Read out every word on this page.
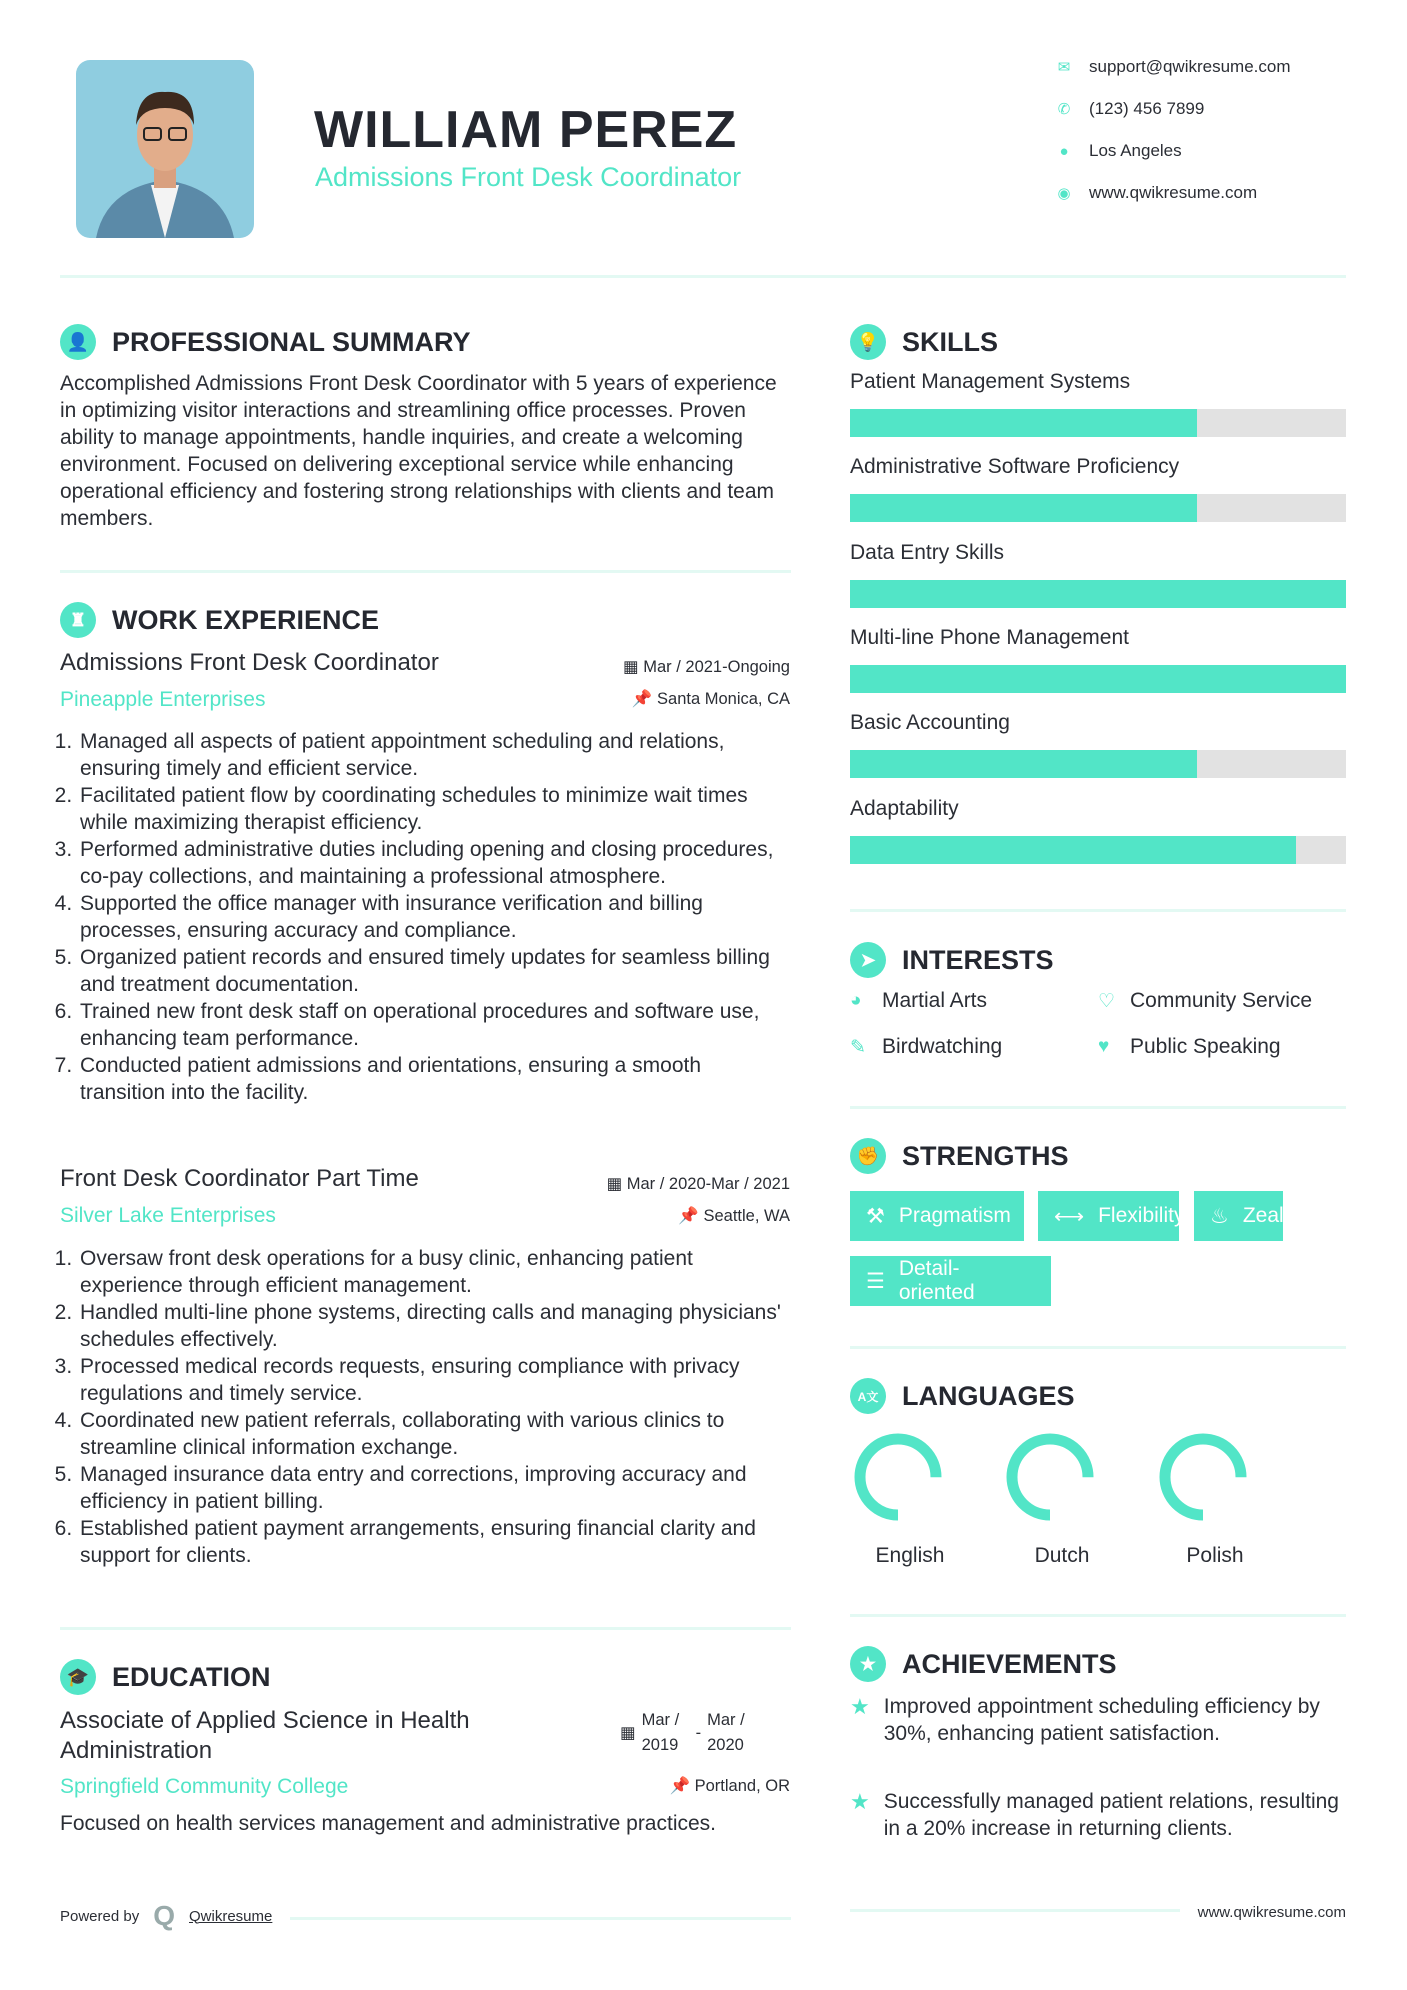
WILLIAM PEREZ
Admissions Front Desk Coordinator
✉ support@qwikresume.com
✆ (123) 456 7899
● Los Angeles
◉ www.qwikresume.com
👤 PROFESSIONAL SUMMARY
Accomplished Admissions Front Desk Coordinator with 5 years of experience in optimizing visitor interactions and streamlining office processes. Proven ability to manage appointments, handle inquiries, and create a welcoming environment. Focused on delivering exceptional service while enhancing operational efficiency and fostering strong relationships with clients and team members.
♜ WORK EXPERIENCE
Admissions Front Desk Coordinator	▦ Mar / 2021-Ongoing
Pineapple Enterprises	📌 Santa Monica, CA
1. Managed all aspects of patient appointment scheduling and relations, ensuring timely and efficient service.
2. Facilitated patient flow by coordinating schedules to minimize wait times while maximizing therapist efficiency.
3. Performed administrative duties including opening and closing procedures, co-pay collections, and maintaining a professional atmosphere.
4. Supported the office manager with insurance verification and billing processes, ensuring accuracy and compliance.
5. Organized patient records and ensured timely updates for seamless billing and treatment documentation.
6. Trained new front desk staff on operational procedures and software use, enhancing team performance.
7. Conducted patient admissions and orientations, ensuring a smooth transition into the facility.
Front Desk Coordinator Part Time	▦ Mar / 2020-Mar / 2021
Silver Lake Enterprises	📌 Seattle, WA
1. Oversaw front desk operations for a busy clinic, enhancing patient experience through efficient management.
2. Handled multi-line phone systems, directing calls and managing physicians' schedules effectively.
3. Processed medical records requests, ensuring compliance with privacy regulations and timely service.
4. Coordinated new patient referrals, collaborating with various clinics to streamline clinical information exchange.
5. Managed insurance data entry and corrections, improving accuracy and efficiency in patient billing.
6. Established patient payment arrangements, ensuring financial clarity and support for clients.
🎓 EDUCATION
Associate of Applied Science in Health Administration
▦
Mar / 2019
-
Mar / 2020
Springfield Community College	📌 Portland, OR
Focused on health services management and administrative practices.
Powered by Q Qwikresume
💡 SKILLS
Patient Management Systems
Administrative Software Proficiency
Data Entry Skills
Multi-line Phone Management
Basic Accounting
Adaptability
➤ INTERESTS
◕ Martial Arts	♡ Community Service
✎ Birdwatching	♥ Public Speaking
✊ STRENGTHS
⚒ Pragmatism ⟷ Flexibility ♨ Zeal
☰
Detail-oriented
A文 LANGUAGES
English	Dutch	Polish
★ ACHIEVEMENTS
★ Improved appointment scheduling efficiency by 30%, enhancing patient satisfaction.
★ Successfully managed patient relations, resulting in a 20% increase in returning clients.
www.qwikresume.com
